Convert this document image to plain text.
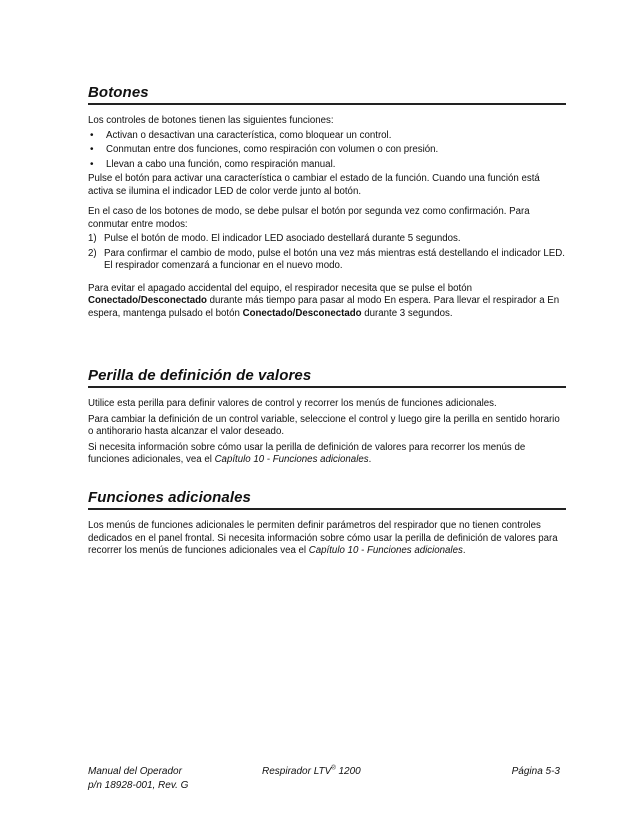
Botones

Los controles de botones tienen las siguientes funciones:

• Activan o desactivan una característica, como bloquear un control.
• Conmutan entre dos funciones, como respiración con volumen o con presión.
• Llevan a cabo una función, como respiración manual.

Pulse el botón para activar una característica o cambiar el estado de la función. Cuando una función está activa se ilumina el indicador LED de color verde junto al botón.

En el caso de los botones de modo, se debe pulsar el botón por segunda vez como confirmación. Para conmutar entre modos:

1) Pulse el botón de modo. El indicador LED asociado destellará durante 5 segundos.
2) Para confirmar el cambio de modo, pulse el botón una vez más mientras está destellando el indicador LED. El respirador comenzará a funcionar en el nuevo modo.

Para evitar el apagado accidental del equipo, el respirador necesita que se pulse el botón Conectado/Desconectado durante más tiempo para pasar al modo En espera. Para llevar el respirador a En espera, mantenga pulsado el botón Conectado/Desconectado durante 3 segundos.

Perilla de definición de valores

Utilice esta perilla para definir valores de control y recorrer los menús de funciones adicionales.

Para cambiar la definición de un control variable, seleccione el control y luego gire la perilla en sentido horario o antihorario hasta alcanzar el valor deseado.

Si necesita información sobre cómo usar la perilla de definición de valores para recorrer los menús de funciones adicionales, vea el Capítulo 10 - Funciones adicionales.

Funciones adicionales

Los menús de funciones adicionales le permiten definir parámetros del respirador que no tienen controles dedicados en el panel frontal. Si necesita información sobre cómo usar la perilla de definición de valores para recorrer los menús de funciones adicionales vea el Capítulo 10 - Funciones adicionales.

Manual del Operador
p/n 18928-001, Rev. G
Respirador LTV® 1200	Página 5-3
